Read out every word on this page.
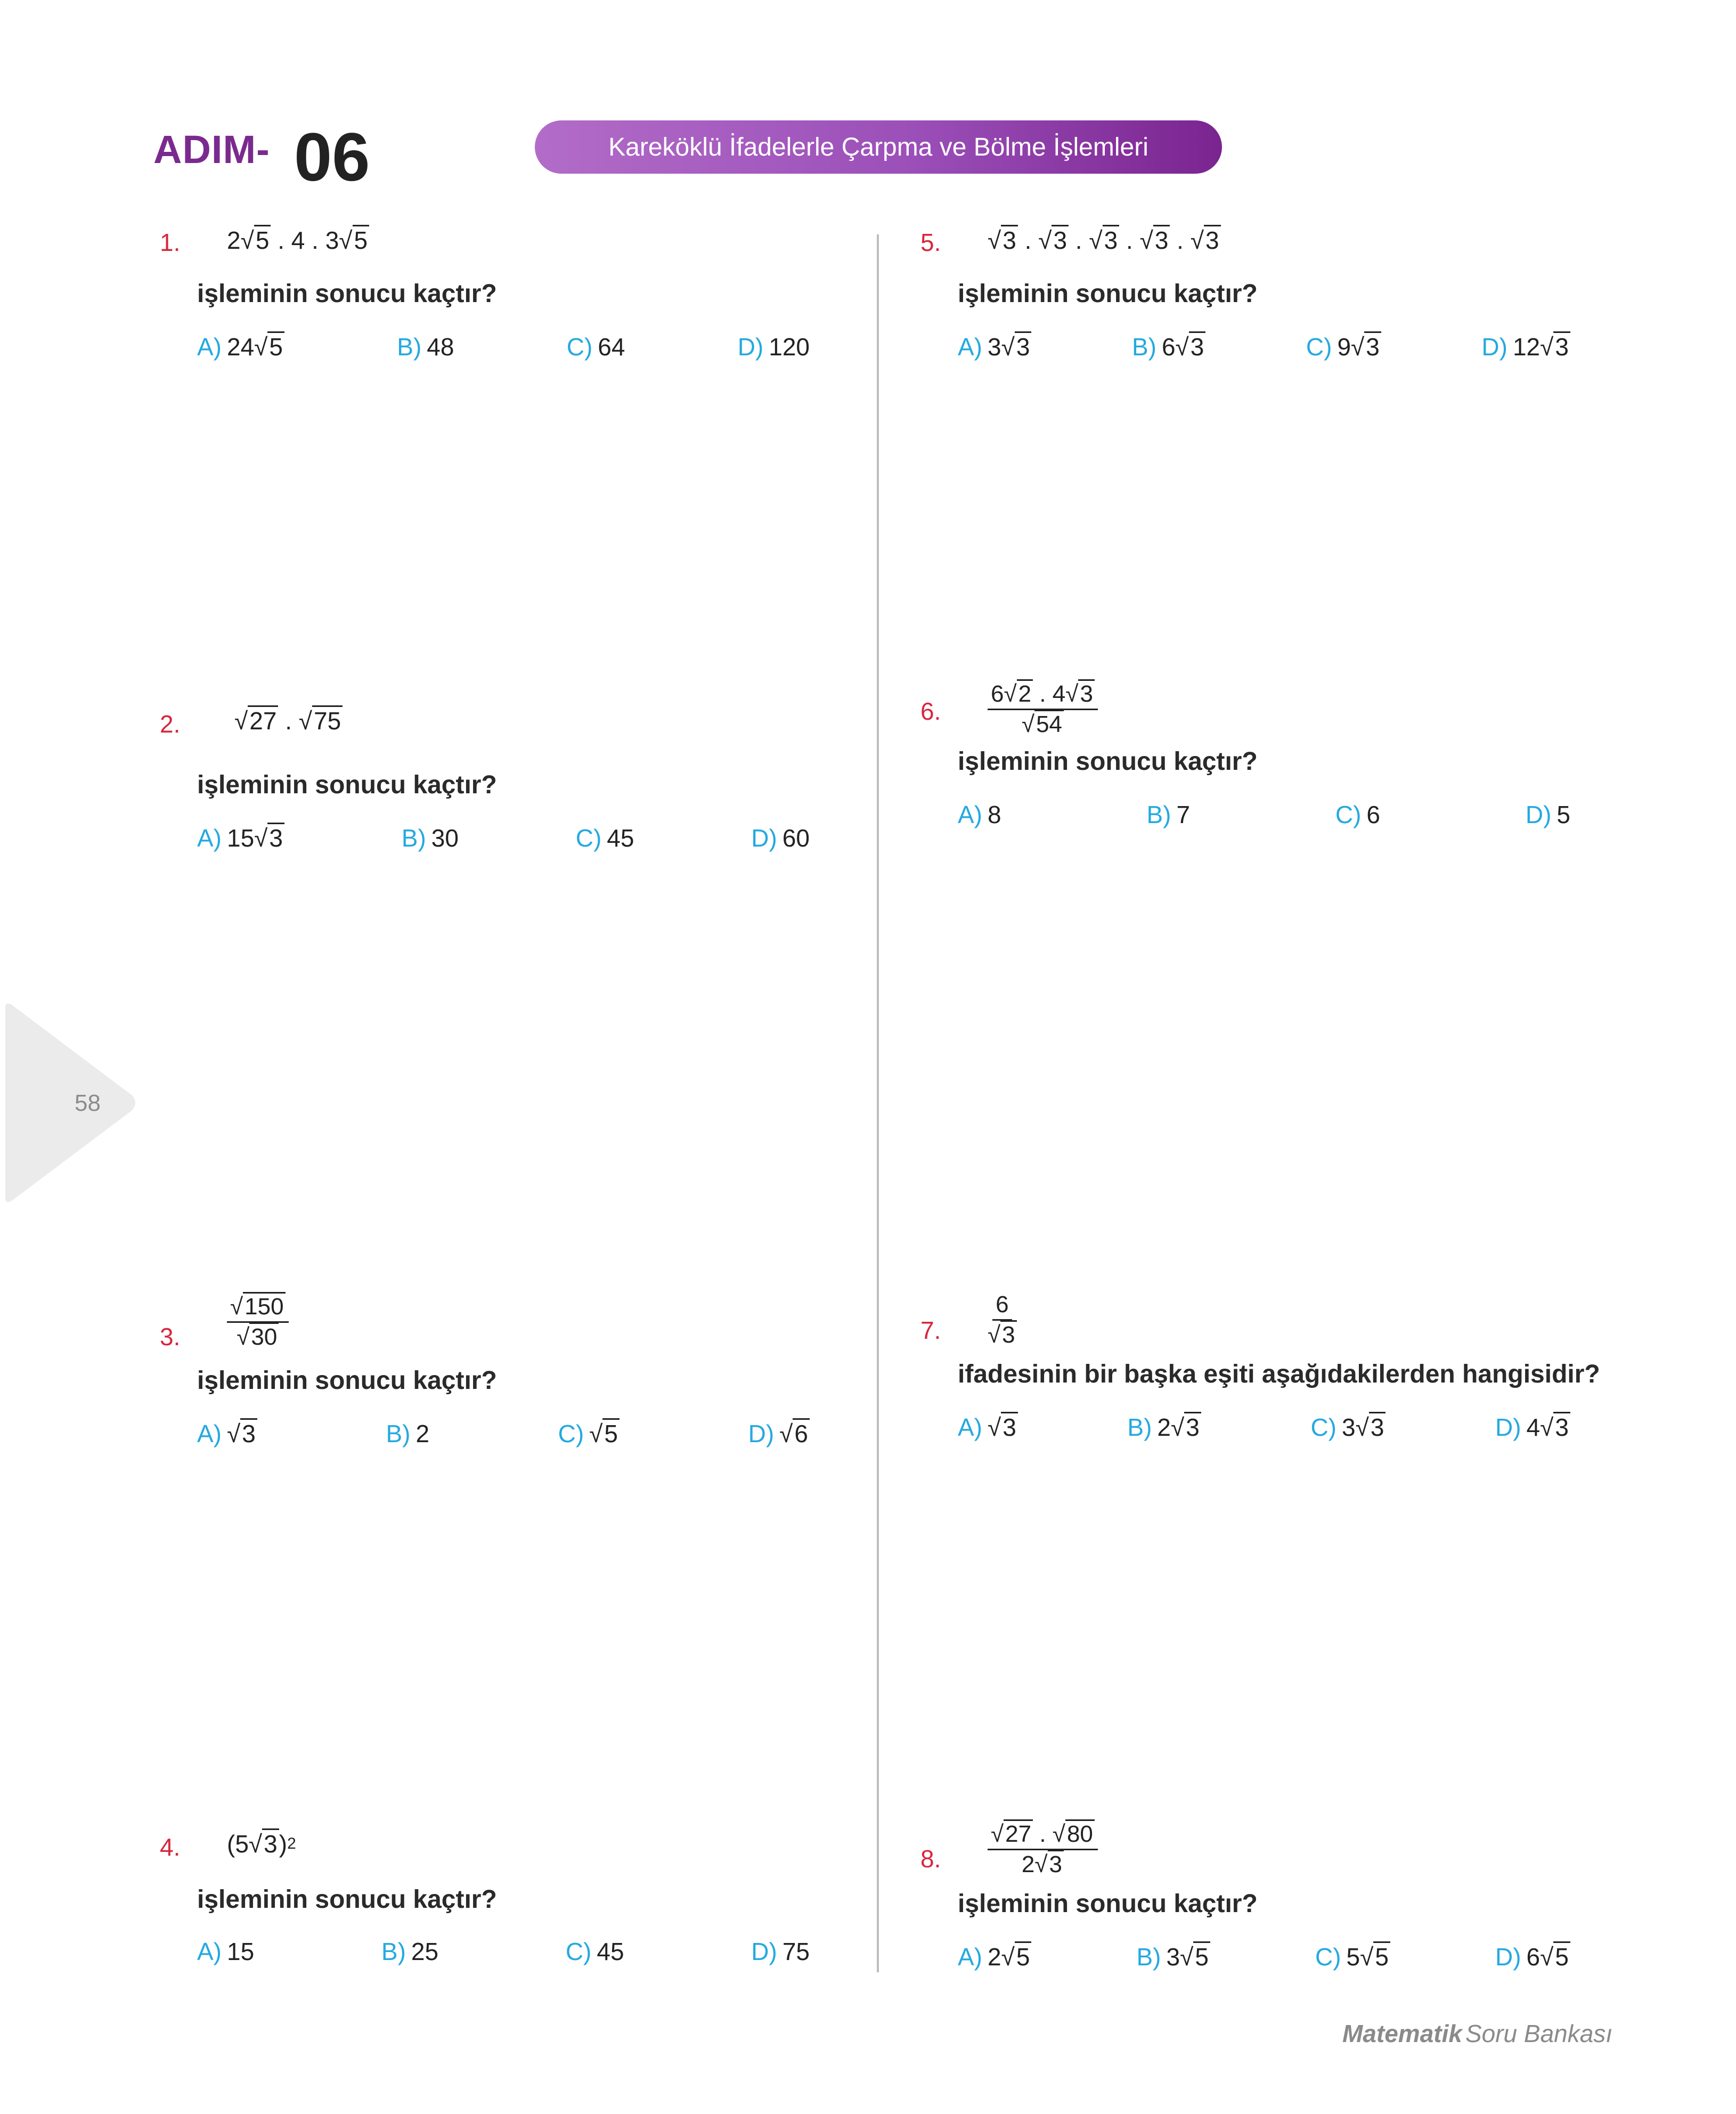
ADIM- 06	Kareköklü İfadelerle Çarpma ve Bölme İşlemleri
58
Matematik Soru Bankası
1. 2 √ 5 . 4 . 3 √ 5
işleminin sonucu kaçtır?
A) 24 √ 5	B) 48	C) 64	D) 120
2.	√ 27 . √ 75
işleminin sonucu kaçtır?
A) 15 √ 3	B) 30	C) 45	D) 60
3. √ 150
√ 30
işleminin sonucu kaçtır?
A) √ 3	B) 2	C) √ 5	D) √ 6
4. (5 √ 3 ) 2
işleminin sonucu kaçtır?
A) 15	B) 25	C) 45	D) 75
5.	√ 3 . √ 3 . √ 3 . √ 3 . √ 3
işleminin sonucu kaçtır?
A) 3 √ 3	B) 6 √ 3	C) 9 √ 3	D) 12 √ 3
6. 6 √ 2 . 4 √ 3
√ 54
işleminin sonucu kaçtır?
A) 8	B) 7	C) 6	D) 5
7. 6
√ 3
ifadesinin bir başka eşiti aşağıdakilerden hangisidir?
A) √ 3	B) 2 √ 3	C) 3 √ 3	D) 4 √ 3
8. √ $\frac{27 . √ 80}{2 √ 3}$
işleminin sonucu kaçtır?
A) 2 √ 5	B) 3 √ 5	C) 5 √ 5	D) 6 √ 5
